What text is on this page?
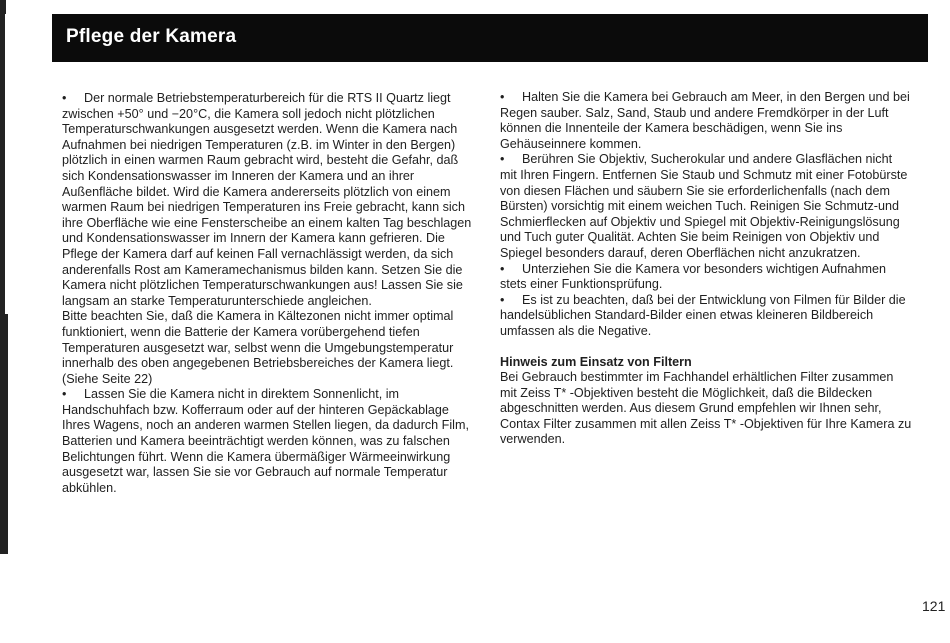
Pflege der Kamera

• Der normale Betriebstemperaturbereich für die RTS II Quartz liegt zwischen +50° und −20°C, die Kamera soll jedoch nicht plötzlichen Temperaturschwankungen ausgesetzt werden. Wenn die Kamera nach Aufnahmen bei niedrigen Temperaturen (z.B. im Winter in den Bergen) plötzlich in einen warmen Raum gebracht wird, besteht die Gefahr, daß sich Kondensationswasser im Inneren der Kamera und an ihrer Außenfläche bildet. Wird die Kamera andererseits plötzlich von einem warmen Raum bei niedrigen Temperaturen ins Freie gebracht, kann sich ihre Oberfläche wie eine Fensterscheibe an einem kalten Tag beschlagen und Kondensationswasser im Innern der Kamera kann gefrieren. Die Pflege der Kamera darf auf keinen Fall vernachlässigt werden, da sich anderenfalls Rost am Kameramechanismus bilden kann. Setzen Sie die Kamera nicht plötzlichen Temperaturschwankungen aus! Lassen Sie sie langsam an starke Temperaturunterschiede angleichen.

Bitte beachten Sie, daß die Kamera in Kältezonen nicht immer optimal funktioniert, wenn die Batterie der Kamera vorübergehend tiefen Temperaturen ausgesetzt war, selbst wenn die Umgebungstemperatur innerhalb des oben angegebenen Betriebsbereiches der Kamera liegt. (Siehe Seite 22)

• Lassen Sie die Kamera nicht in direktem Sonnenlicht, im Handschuhfach bzw. Kofferraum oder auf der hinteren Gepäckablage Ihres Wagens, noch an anderen warmen Stellen liegen, da dadurch Film, Batterien und Kamera beeinträchtigt werden können, was zu falschen Belichtungen führt. Wenn die Kamera übermäßiger Wärmeeinwirkung ausgesetzt war, lassen Sie sie vor Gebrauch auf normale Temperatur abkühlen.

• Halten Sie die Kamera bei Gebrauch am Meer, in den Bergen und bei Regen sauber. Salz, Sand, Staub und andere Fremdkörper in der Luft können die Innenteile der Kamera beschädigen, wenn Sie ins Gehäuseinnere kommen.

• Berühren Sie Objektiv, Sucherokular und andere Glasflächen nicht mit Ihren Fingern. Entfernen Sie Staub und Schmutz mit einer Fotobürste von diesen Flächen und säubern Sie sie erforderlichenfalls (nach dem Bürsten) vorsichtig mit einem weichen Tuch. Reinigen Sie Schmutz-und Schmierflecken auf Objektiv und Spiegel mit Objektiv-Reinigungslösung und Tuch guter Qualität. Achten Sie beim Reinigen von Objektiv und Spiegel besonders darauf, deren Oberflächen nicht anzukratzen.

• Unterziehen Sie die Kamera vor besonders wichtigen Aufnahmen stets einer Funktionsprüfung.

• Es ist zu beachten, daß bei der Entwicklung von Filmen für Bilder die handelsüblichen Standard-Bilder einen etwas kleineren Bildbereich umfassen als die Negative.

Hinweis zum Einsatz von Filtern

Bei Gebrauch bestimmter im Fachhandel erhältlichen Filter zusammen mit Zeiss T* -Objektiven besteht die Möglichkeit, daß die Bildecken abgeschnitten werden. Aus diesem Grund empfehlen wir Ihnen sehr, Contax Filter zusammen mit allen Zeiss T* -Objektiven für Ihre Kamera zu verwenden.

121
